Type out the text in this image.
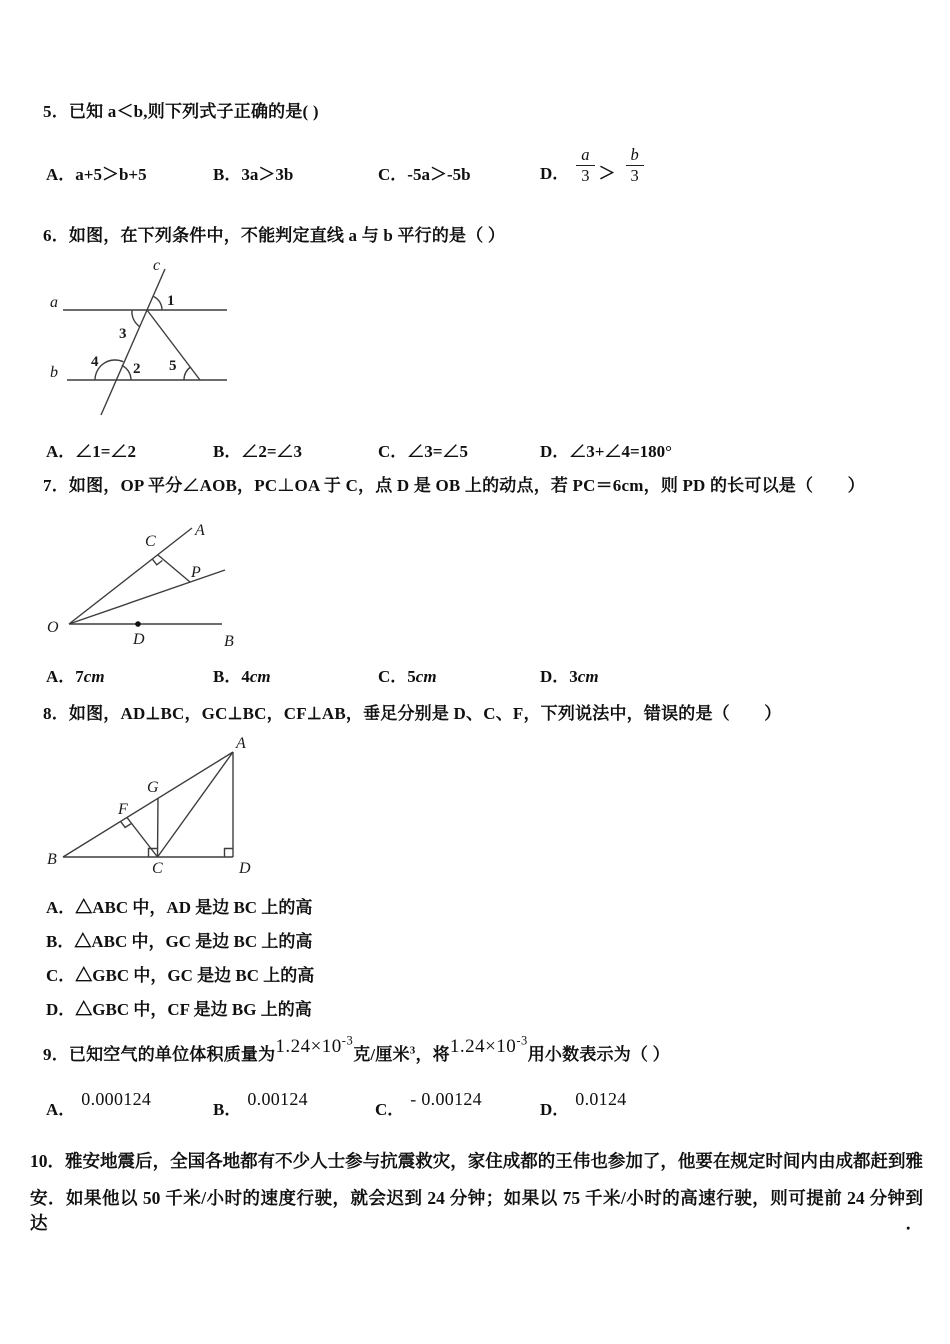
5．已知 a＜b,则下列式子正确的是( )
A．a+5＞b+5	B．3a＞3b	C．-5a＞-5b	D． $\frac{a}{3} > \frac{b}{3}$
6．如图，在下列条件中，不能判定直线 a 与 b 平行的是（ ）
a
b
c
1
3
4 2 5
A．∠1=∠2	B．∠2=∠3	C．∠3=∠5	D．∠3+∠4=180°
7．如图，OP 平分∠AOB，PC⊥OA 于 C，点 D 是 OB 上的动点，若 PC＝6cm，则 PD 的长可以是（　　）
A
B
C
P
O
D
A．7cm	B．4cm	C．5cm	D．3cm
8．如图，AD⊥BC，GC⊥BC，CF⊥AB，垂足分别是 D、C、F，下列说法中，错误的是（　　）
A
B
C	D
G
F
A．△ABC 中，AD 是边 BC 上的高
B．△ABC 中，GC 是边 BC 上的高
C．△GBC 中，GC 是边 BC 上的高
D．△GBC 中，CF 是边 BG 上的高
9．已知空气的单位体积质量为$1.24\times 10^{-3}$克/厘米$^3$，将$1.24\times 10^{-3}$用小数表示为（ ）
A．0.000124
B．0.00124
C．- 0.00124
D．0.0124
10．雅安地震后，全国各地都有不少人士参与抗震救灾，家住成都的王伟也参加了，他要在规定时间内由成都赶到雅
安．如果他以 50 千米/小时的速度行驶，就会迟到 24 分钟；如果以 75 千米/小时的高速行驶，则可提前 24 分钟到达．
